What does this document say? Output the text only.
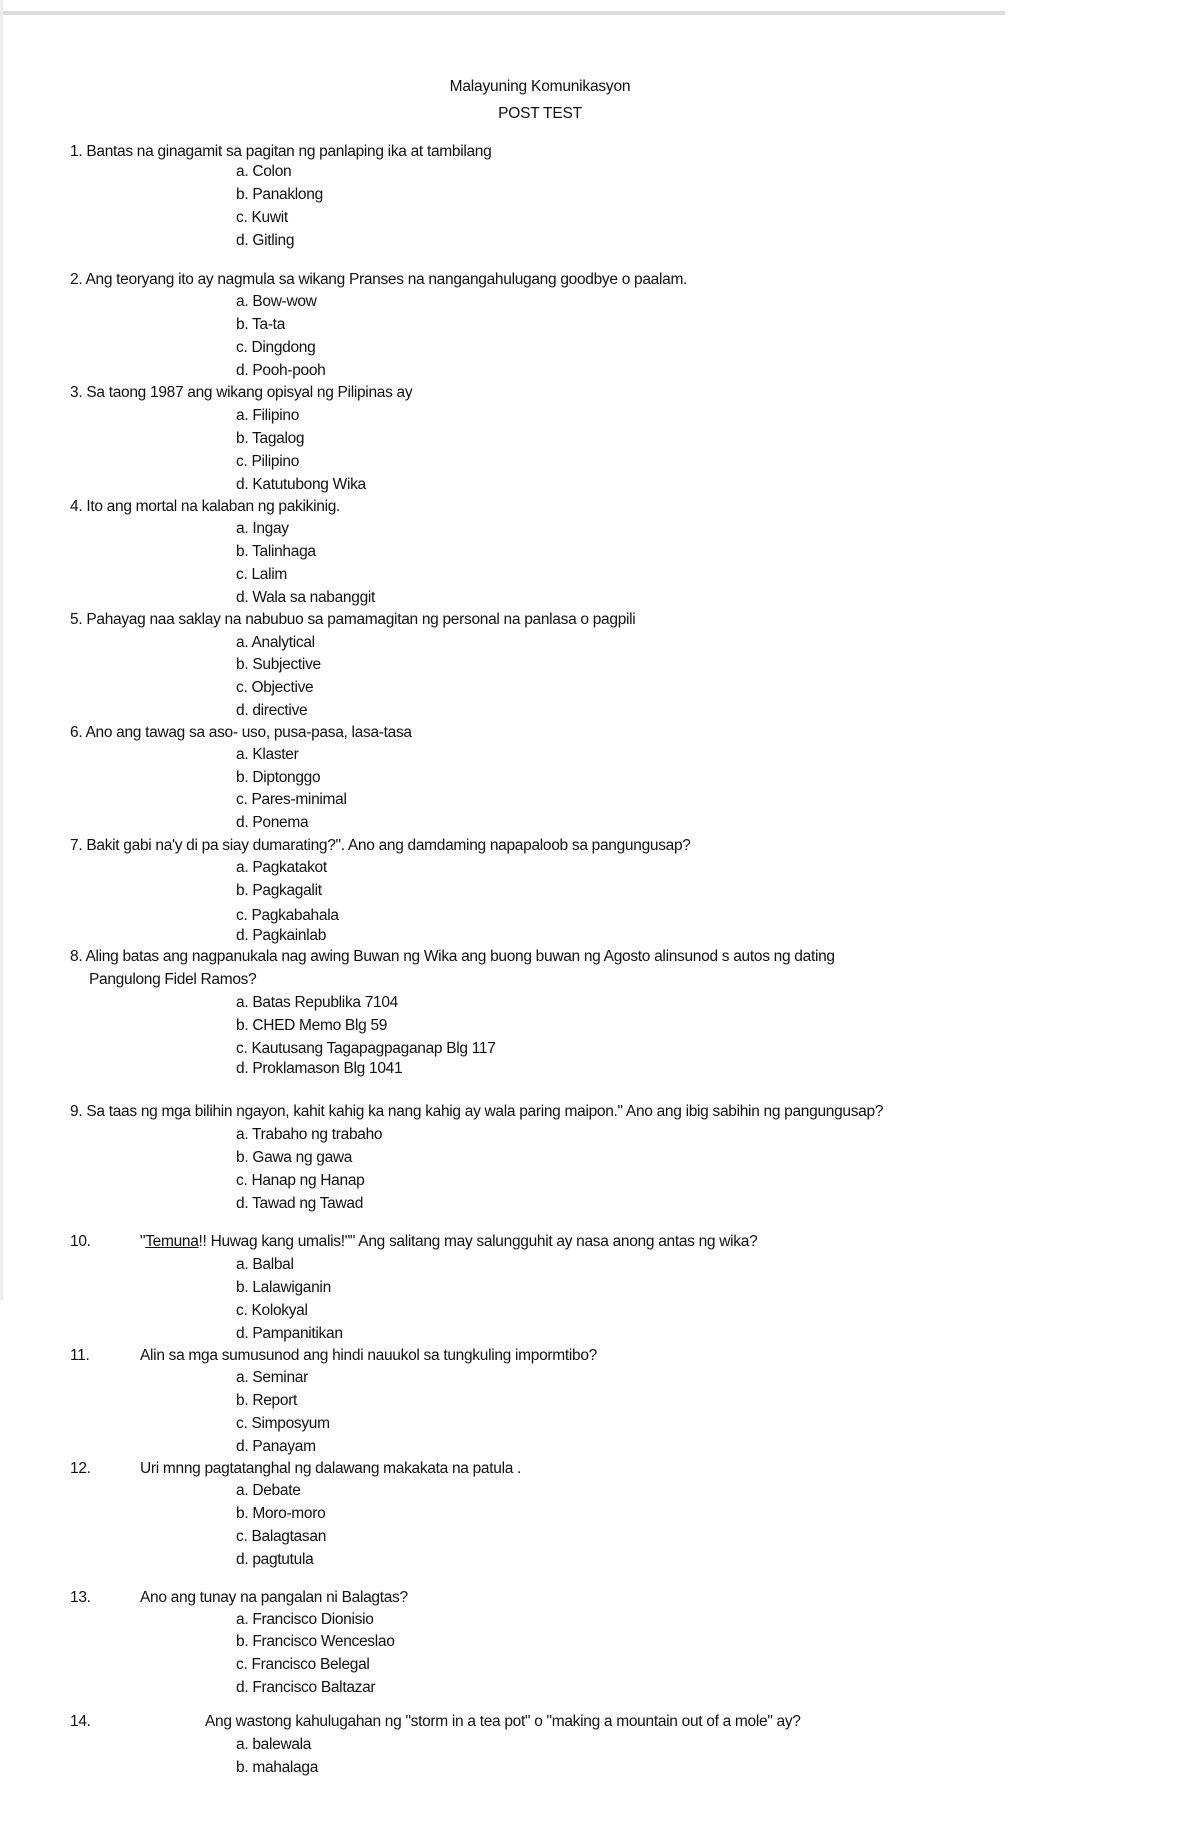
Malayuning Komunikasyon
POST TEST
1. Bantas na ginagamit sa pagitan ng panlaping ika at tambilang
a. Colon
b. Panaklong
c. Kuwit
d. Gitling
2. Ang teoryang ito ay nagmula sa wikang Pranses na nangangahulugang goodbye o paalam.
a. Bow-wow
b. Ta-ta
c. Dingdong
d. Pooh-pooh
3. Sa taong 1987 ang wikang opisyal ng Pilipinas ay
a. Filipino
b. Tagalog
c. Pilipino
d. Katutubong Wika
4. Ito ang mortal na kalaban ng pakikinig.
a. Ingay
b. Talinhaga
c. Lalim
d. Wala sa nabanggit
5. Pahayag naa saklay na nabubuo sa pamamagitan ng personal na panlasa o pagpili
a. Analytical
b. Subjective
c. Objective
d. directive
6. Ano ang tawag sa aso- uso, pusa-pasa, lasa-tasa
a. Klaster
b. Diptonggo
c. Pares-minimal
d. Ponema
7. Bakit gabi na'y di pa siay dumarating?". Ano ang damdaming napapaloob sa pangungusap?
a. Pagkatakot
b. Pagkagalit
c. Pagkabahala
d. Pagkainlab
8. Aling batas ang nagpanukala nag awing Buwan ng Wika ang buong buwan ng Agosto alinsunod s autos ng dating
Pangulong Fidel Ramos?
a. Batas Republika 7104
b. CHED Memo Blg 59
c. Kautusang Tagapagpaganap Blg 117
d. Proklamason Blg 1041
9. Sa taas ng mga bilihin ngayon, kahit kahig ka nang kahig ay wala paring maipon." Ano ang ibig sabihin ng pangungusap?
a. Trabaho ng trabaho
b. Gawa ng gawa
c. Hanap ng Hanap
d. Tawad ng Tawad
10.	"Temuna!! Huwag kang umalis!"" Ang salitang may salungguhit ay nasa anong antas ng wika?
a. Balbal
b. Lalawiganin
c. Kolokyal
d. Pampanitikan
11.	Alin sa mga sumusunod ang hindi nauukol sa tungkuling impormtibo?
a. Seminar
b. Report
c. Simposyum
d. Panayam
12.	Uri mnng pagtatanghal ng dalawang makakata na patula .
a. Debate
b. Moro-moro
c. Balagtasan
d. pagtutula
13.	Ano ang tunay na pangalan ni Balagtas?
a. Francisco Dionisio
b. Francisco Wenceslao
c. Francisco Belegal
d. Francisco Baltazar
14.	Ang wastong kahulugahan ng "storm in a tea pot" o "making a mountain out of a mole" ay?
a. balewala
b. mahalaga
